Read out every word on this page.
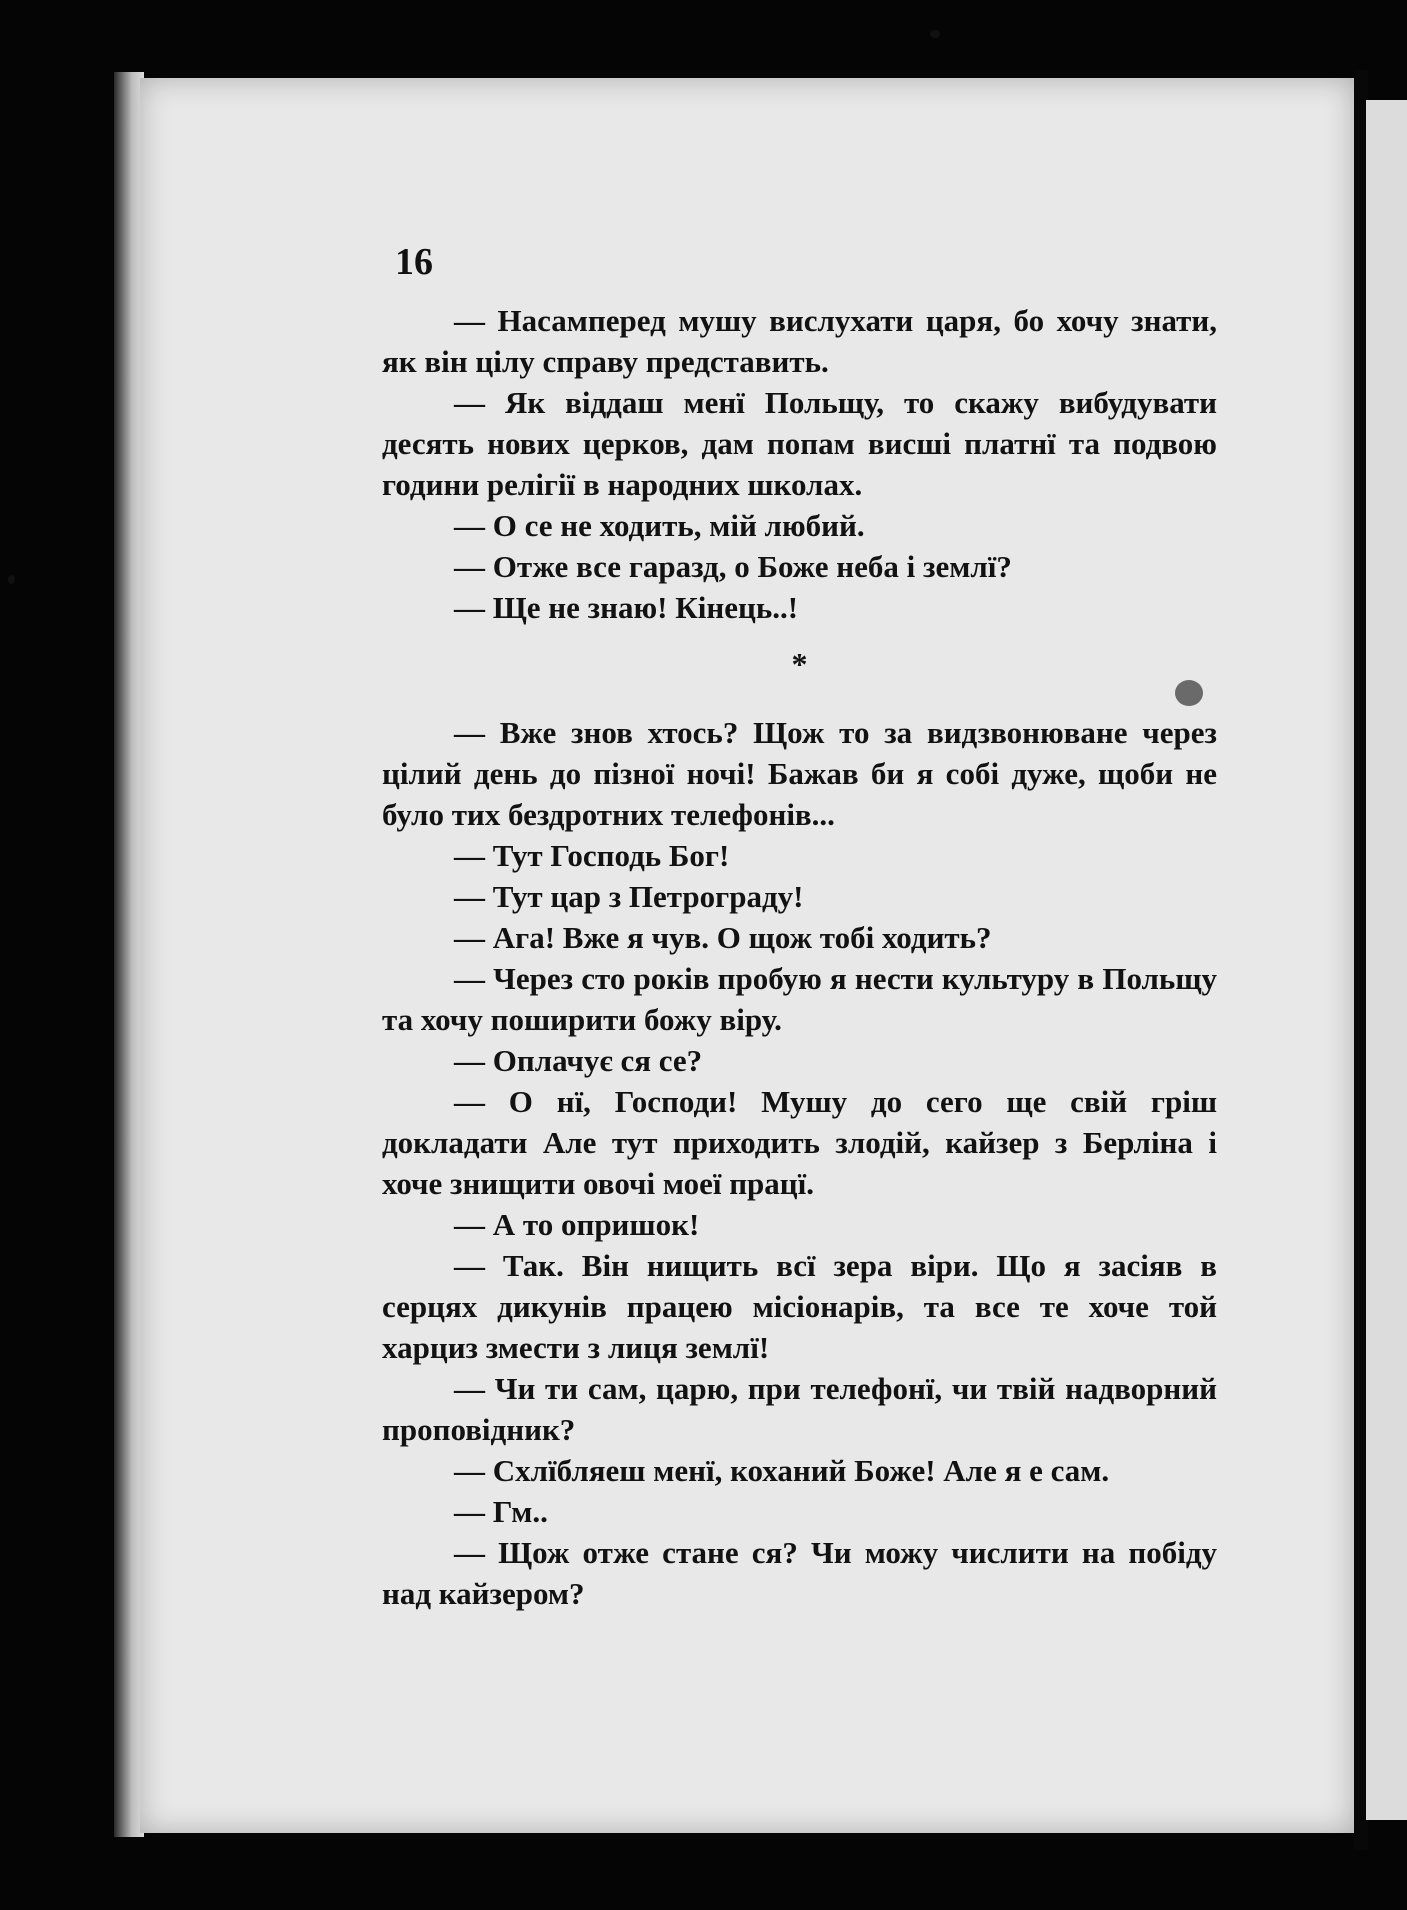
16

— Насамперед мушу вислухати царя, бо хочу знати, як він цілу справу представить.

— Як віддаш менї Польщу, то скажу вибудувати десять нових церков, дам попам висші платнї та подвою години релігії в народних школах.

— О се не ходить, мій любий.

— Отже все гаразд, о Боже неба і землї?

— Ще не знаю! Кінець..!

*

— Вже знов хтось? Щож то за видзвонюване через цілий день до пізної ночі! Бажав би я собі дуже, щоби не було тих бездротних телефонів...

— Тут Господь Бог!

— Тут цар з Петрограду!

— Ага! Вже я чув. О щож тобі ходить?

— Через сто років пробую я нести культуру в Польщу та хочу поширити божу віру.

— Оплачує ся се?

— О нї, Господи! Мушу до сего ще свій гріш докладати Але тут приходить злодій, кайзер з Берліна і хоче знищити овочі моеї працї.

— А то опришок!

— Так. Він нищить всї зера віри. Що я засіяв в серцях дикунів працею місіонарів, та все те хоче той харциз змести з лиця землї!

— Чи ти сам, царю, при телефонї, чи твій надворний проповідник?

— Схлїбляеш менї, коханий Боже! Але я е сам.

— Гм..

— Щож отже стане ся? Чи можу числити на побіду над кайзером?
